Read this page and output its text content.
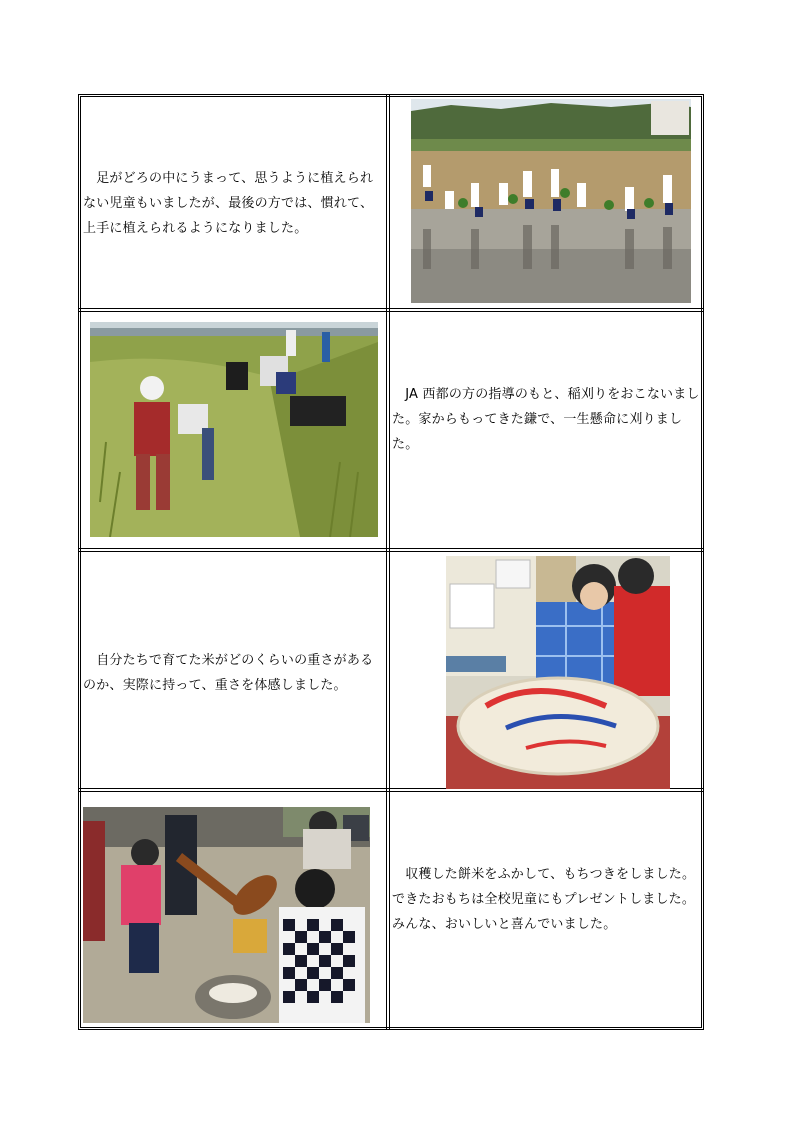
　足がどろの中にうまって、思うように植えられない児童もいましたが、最後の方では、慣れて、上手に植えられるようになりました。
　JA 西都の方の指導のもと、稲刈りをおこないました。家からもってきた鎌で、一生懸命に刈りました。
　自分たちで育てた米がどのくらいの重さがあるのか、実際に持って、重さを体感しました。
　収穫した餅米をふかして、もちつきをしました。できたおもちは全校児童にもプレゼントしました。みんな、おいしいと喜んでいました。
